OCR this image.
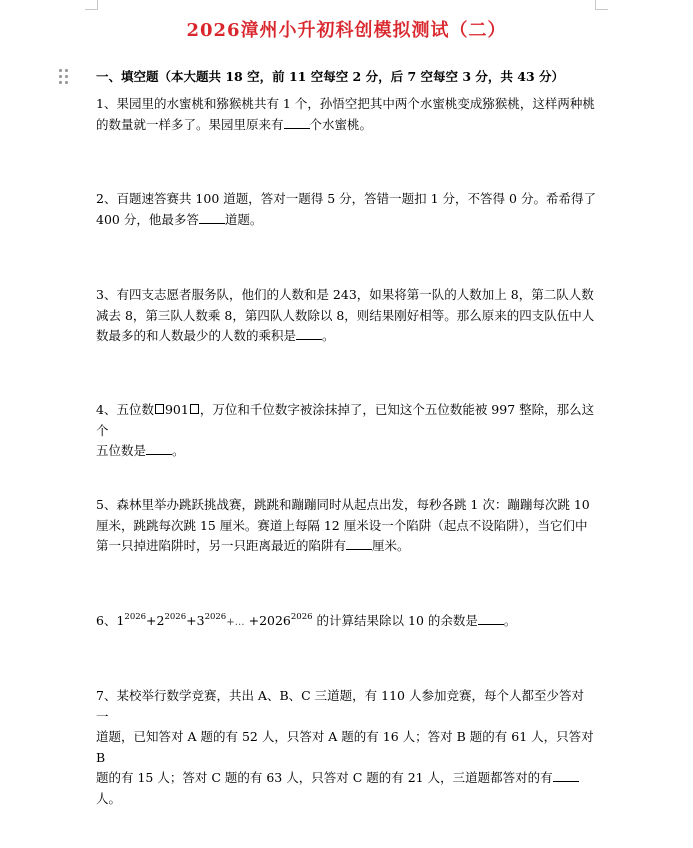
2026漳州小升初科创模拟测试（二）
一、填空题（本大题共 18 空，前 11 空每空 2 分，后 7 空每空 3 分，共 43 分）
1、果园里的水蜜桃和猕猴桃共有 1 个，孙悟空把其中两个水蜜桃变成猕猴桃，这样两种桃
的数量就一样多了。果园里原来有 个水蜜桃。
2、百题速答赛共 100 道题，答对一题得 5 分，答错一题扣 1 分，不答得 0 分。希希得了
400 分，他最多答 道题。
3、有四支志愿者服务队，他们的人数和是 243，如果将第一队的人数加上 8，第二队人数
减去 8，第三队人数乘 8，第四队人数除以 8，则结果刚好相等。那么原来的四支队伍中人
数最多的和人数最少的人数的乘积是 。
4、五位数 901 ，万位和千位数字被涂抹掉了，已知这个五位数能被 997 整除，那么这个
五位数是 。
5、森林里举办跳跃挑战赛，跳跳和蹦蹦同时从起点出发，每秒各跳 1 次：蹦蹦每次跳 10
厘米，跳跳每次跳 15 厘米。赛道上每隔 12 厘米设一个陷阱（起点不设陷阱），当它们中
第一只掉进陷阱时，另一只距离最近的陷阱有 厘米。
6、$1^{2026}+2^{2026}+3^{2026}+\dots +2026^{2026}$ 的计算结果除以 10 的余数是 。
7、某校举行数学竞赛，共出 A、B、C 三道题，有 110 人参加竞赛，每个人都至少答对一
道题，已知答对 A 题的有 52 人，只答对 A 题的有 16 人；答对 B 题的有 61 人，只答对 B
题的有 15 人；答对 C 题的有 63 人，只答对 C 题的有 21 人，三道题都答对的有人。
